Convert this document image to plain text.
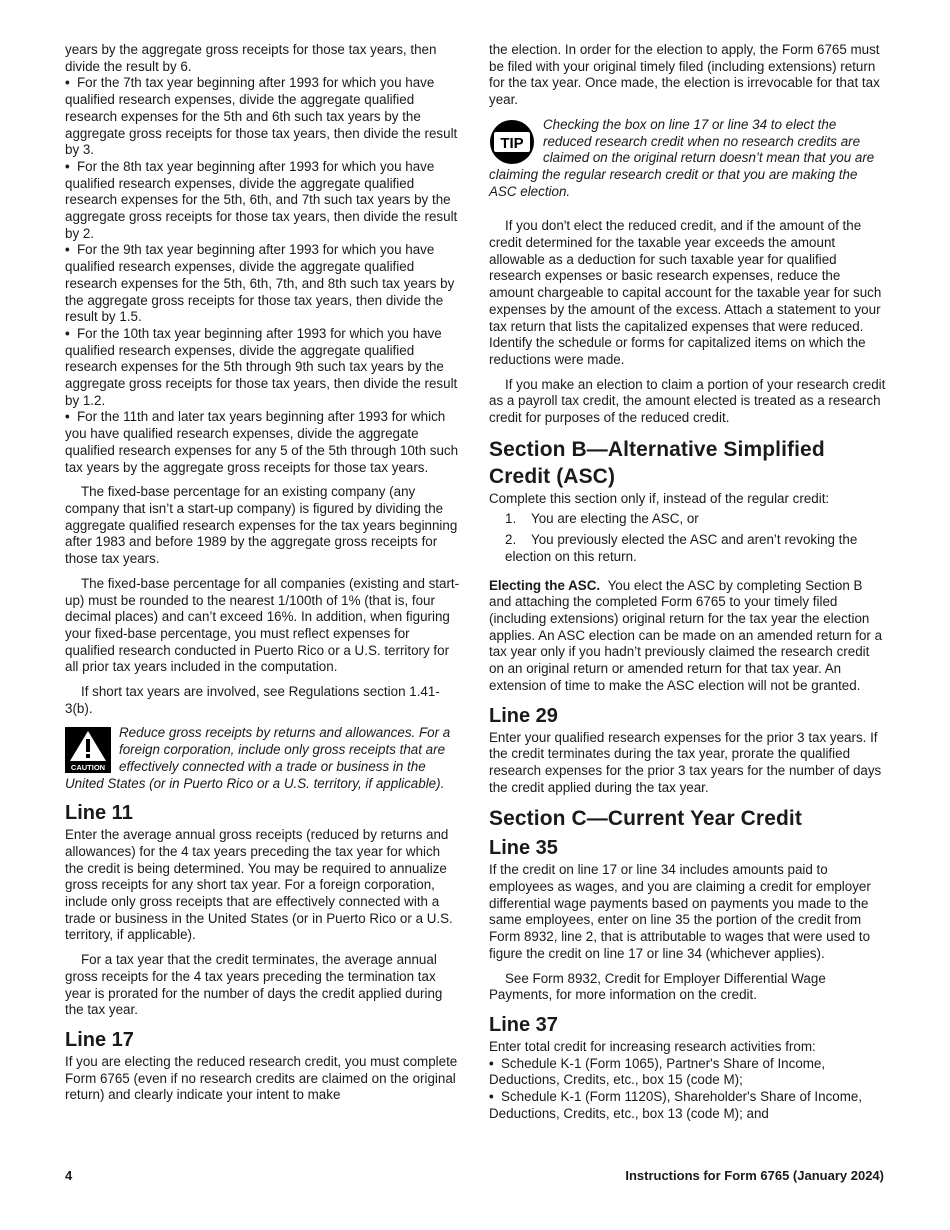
years by the aggregate gross receipts for those tax years, then divide the result by 6.

• For the 7th tax year beginning after 1993 for which you have qualified research expenses, divide the aggregate qualified research expenses for the 5th and 6th such tax years by the aggregate gross receipts for those tax years, then divide the result by 3.

• For the 8th tax year beginning after 1993 for which you have qualified research expenses, divide the aggregate qualified research expenses for the 5th, 6th, and 7th such tax years by the aggregate gross receipts for those tax years, then divide the result by 2.

• For the 9th tax year beginning after 1993 for which you have qualified research expenses, divide the aggregate qualified research expenses for the 5th, 6th, 7th, and 8th such tax years by the aggregate gross receipts for those tax years, then divide the result by 1.5.

• For the 10th tax year beginning after 1993 for which you have qualified research expenses, divide the aggregate qualified research expenses for the 5th through 9th such tax years by the aggregate gross receipts for those tax years, then divide the result by 1.2.

• For the 11th and later tax years beginning after 1993 for which you have qualified research expenses, divide the aggregate qualified research expenses for any 5 of the 5th through 10th such tax years by the aggregate gross receipts for those tax years.

The fixed-base percentage for an existing company (any company that isn’t a start-up company) is figured by dividing the aggregate qualified research expenses for the tax years beginning after 1983 and before 1989 by the aggregate gross receipts for those tax years.

The fixed-base percentage for all companies (existing and start-up) must be rounded to the nearest 1/100th of 1% (that is, four decimal places) and can’t exceed 16%. In addition, when figuring your fixed-base percentage, you must reflect expenses for qualified research conducted in Puerto Rico or a U.S. territory for all prior tax years included in the computation.

If short tax years are involved, see Regulations section 1.41-3(b).

CAUTION
Reduce gross receipts by returns and allowances. For a foreign corporation, include only gross receipts that are effectively connected with a trade or business in the United States (or in Puerto Rico or a U.S. territory, if applicable).
Line 11

Enter the average annual gross receipts (reduced by returns and allowances) for the 4 tax years preceding the tax year for which the credit is being determined. You may be required to annualize gross receipts for any short tax year. For a foreign corporation, include only gross receipts that are effectively connected with a trade or business in the United States (or in Puerto Rico or a U.S. territory, if applicable).

For a tax year that the credit terminates, the average annual gross receipts for the 4 tax years preceding the termination tax year is prorated for the number of days the credit applied during the tax year.

Line 17

If you are electing the reduced research credit, you must complete Form 6765 (even if no research credits are claimed on the original return) and clearly indicate your intent to make

the election. In order for the election to apply, the Form 6765 must be filed with your original timely filed (including extensions) return for the tax year. Once made, the election is irrevocable for that tax year.

TIP
Checking the box on line 17 or line 34 to elect the reduced research credit when no research credits are claimed on the original return doesn’t mean that you are claiming the regular research credit or that you are making the ASC election.

If you don't elect the reduced credit, and if the amount of the credit determined for the taxable year exceeds the amount allowable as a deduction for such taxable year for qualified research expenses or basic research expenses, reduce the amount chargeable to capital account for the taxable year for such expenses by the amount of the excess. Attach a statement to your tax return that lists the capitalized expenses that were reduced. Identify the schedule or forms for capitalized items on which the reductions were made.

If you make an election to claim a portion of your research credit as a payroll tax credit, the amount elected is treated as a research credit for purposes of the reduced credit.

Section B—Alternative Simplified Credit (ASC)

Complete this section only if, instead of the regular credit:

1. You are electing the ASC, or

2. You previously elected the ASC and aren’t revoking the election on this return.

Electing the ASC. You elect the ASC by completing Section B and attaching the completed Form 6765 to your timely filed (including extensions) original return for the tax year the election applies. An ASC election can be made on an amended return for a tax year only if you hadn’t previously claimed the research credit on an original return or amended return for that tax year. An extension of time to make the ASC election will not be granted.

Line 29

Enter your qualified research expenses for the prior 3 tax years. If the credit terminates during the tax year, prorate the qualified research expenses for the prior 3 tax years for the number of days the credit applied during the tax year.

Section C—Current Year Credit
Line 35

If the credit on line 17 or line 34 includes amounts paid to employees as wages, and you are claiming a credit for employer differential wage payments based on payments you made to the same employees, enter on line 35 the portion of the credit from Form 8932, line 2, that is attributable to wages that were used to figure the credit on line 17 or line 34 (whichever applies).

See Form 8932, Credit for Employer Differential Wage Payments, for more information on the credit.

Line 37

Enter total credit for increasing research activities from:

• Schedule K-1 (Form 1065), Partner's Share of Income, Deductions, Credits, etc., box 15 (code M);

• Schedule K-1 (Form 1120S), Shareholder's Share of Income, Deductions, Credits, etc., box 13 (code M); and

4	Instructions for Form 6765 (January 2024)
